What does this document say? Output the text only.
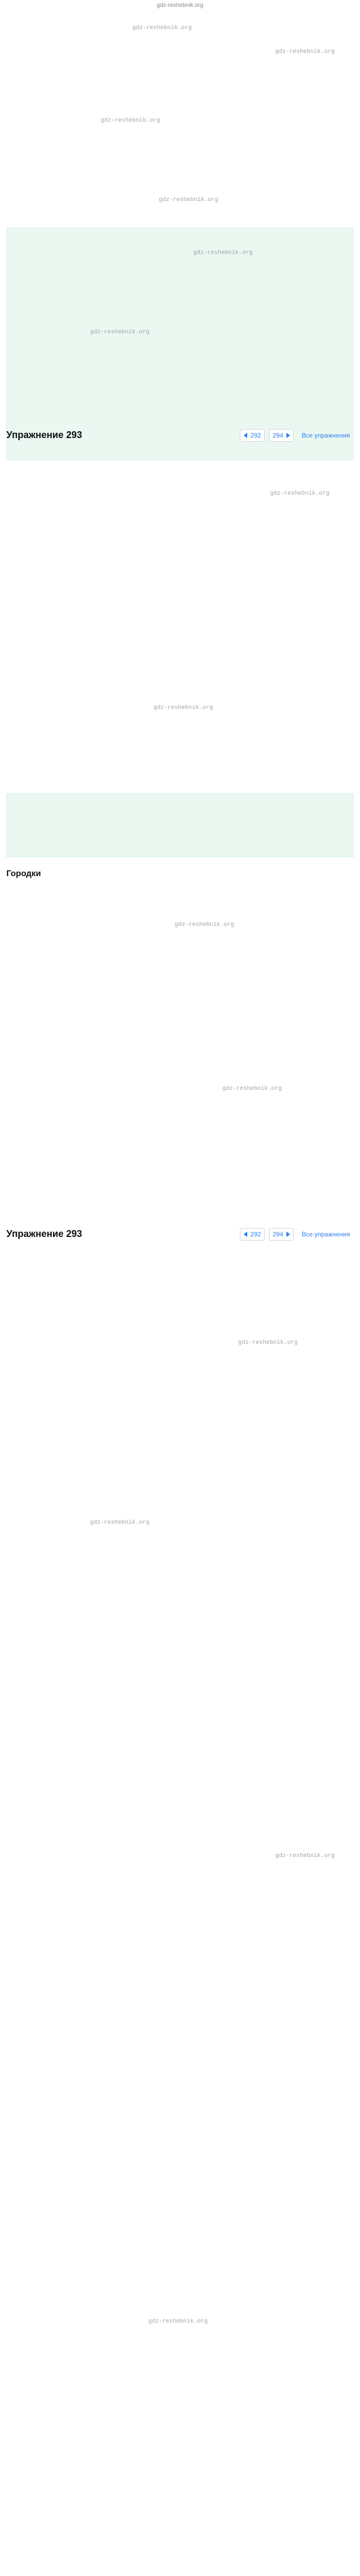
gdz-reshebnik.org

gdz-reshebnik.org
gdz-reshebnik.org
gdz-reshebnik.org
gdz-reshebnik.org

gdz-reshebnik.org
gdz-reshebnik.org
Упражнение 293	292 294	Все упражнения

gdz-reshebnik.org
gdz-reshebnik.org

Городки

gdz-reshebnik.org
gdz-reshebnik.org
Упражнение 293	292 294	Все упражнения

gdz-reshebnik.org
gdz-reshebnik.org
gdz-reshebnik.org
gdz-reshebnik.org
